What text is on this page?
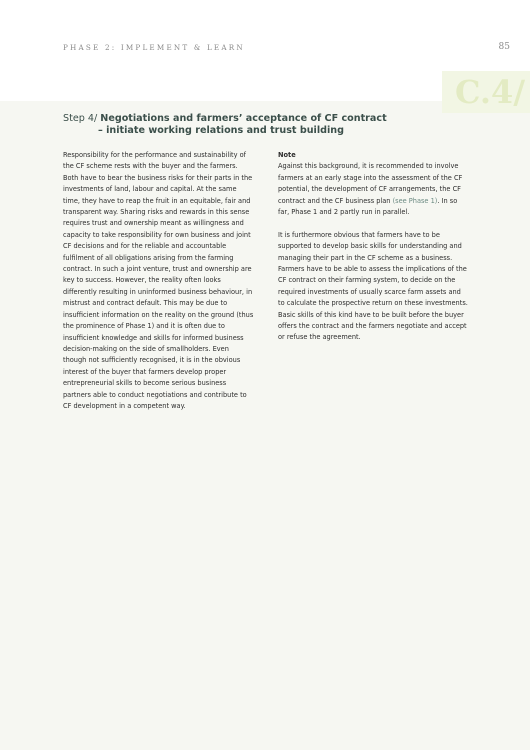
PHASE 2: IMPLEMENT & LEARN	85
C.4/
Step 4/ Negotiations and farmers’ acceptance of CF contract
– initiate working relations and trust building

Responsibility for the performance and sustainability of the CF scheme rests with the buyer and the farmers. Both have to bear the business risks for their parts in the investments of land, labour and capital. At the same time, they have to reap the fruit in an equitable, fair and transparent way. Sharing risks and rewards in this sense requires trust and ownership meant as willingness and capacity to take responsibility for own business and joint CF decisions and for the reliable and accountable fulfilment of all obligations arising from the farming contract. In such a joint venture, trust and ownership are key to success. However, the reality often looks differently resulting in uninformed business behaviour, in mistrust and contract default. This may be due to insufficient information on the reality on the ground (thus the prominence of Phase 1) and it is often due to insufficient knowledge and skills for informed business decision-making on the side of smallholders. Even though not sufficiently recognised, it is in the obvious interest of the buyer that farmers develop proper entrepreneurial skills to become serious business partners able to conduct negotiations and contribute to CF development in a competent way.

Note

Against this background, it is recommended to involve farmers at an early stage into the assessment of the CF potential, the development of CF arrangements, the CF contract and the CF business plan (see Phase 1). In so far, Phase 1 and 2 partly run in parallel.

It is furthermore obvious that farmers have to be supported to develop basic skills for understanding and managing their part in the CF scheme as a business. Farmers have to be able to assess the implications of the CF contract on their farming system, to decide on the required investments of usually scarce farm assets and to calculate the prospective return on these investments. Basic skills of this kind have to be built before the buyer offers the contract and the farmers negotiate and accept or refuse the agreement.
